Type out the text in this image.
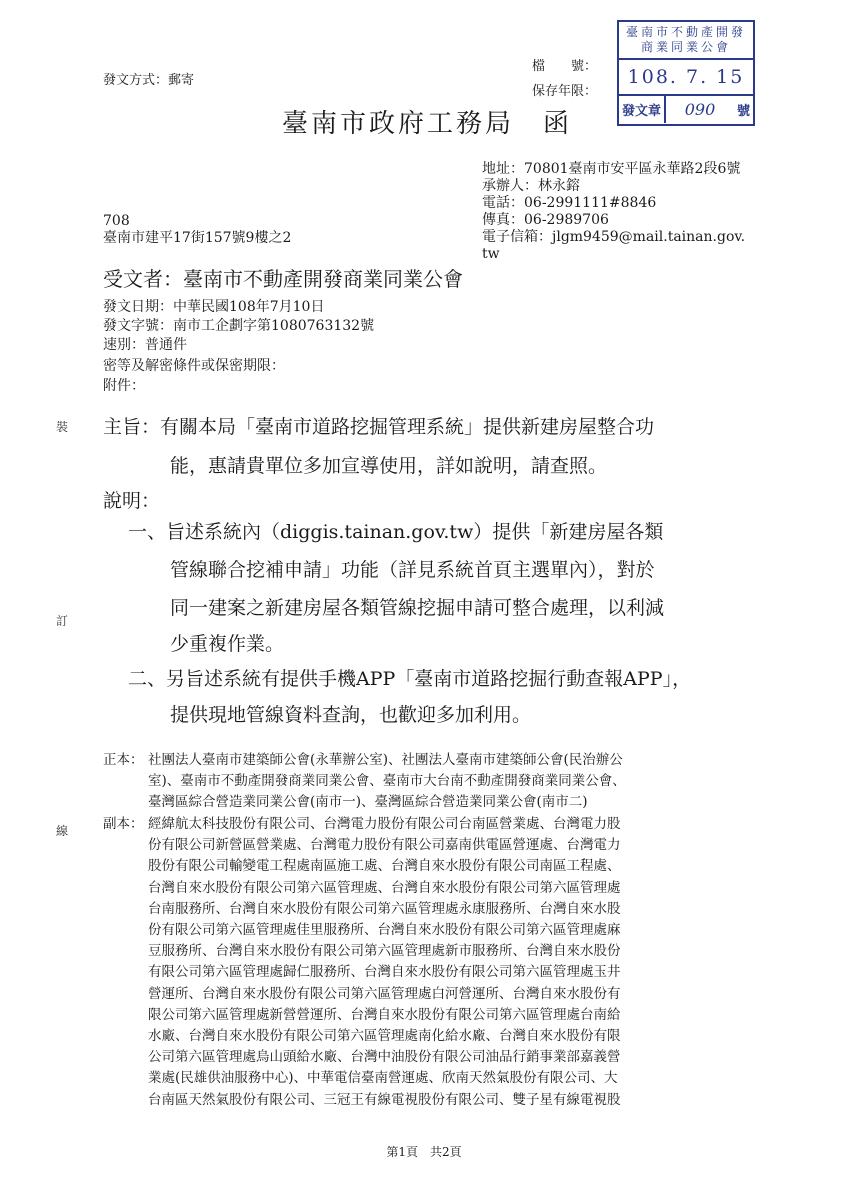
發文方式：郵寄
檔　　號：
保存年限：
臺南市不動產開發商業同業公會
108. 7. 15
發文章	090	號
臺南市政府工務局　函
地址：70801臺南市安平區永華路2段6號
承辦人：林永鎔
電話：06-2991111#8846
傳真：06-2989706
電子信箱：jlgm9459@mail.tainan.gov.
tw
708
臺南市建平17街157號9樓之2
受文者：臺南市不動產開發商業同業公會
發文日期：中華民國108年7月10日
發文字號：南市工企劃字第1080763132號
速別：普通件
密等及解密條件或保密期限：
附件：
主旨：有關本局「臺南市道路挖掘管理系統」提供新建房屋整合功
能，惠請貴單位多加宣導使用，詳如說明，請查照。
說明：
一、旨述系統內（diggis.tainan.gov.tw）提供「新建房屋各類
管線聯合挖補申請」功能（詳見系統首頁主選單內），對於
同一建案之新建房屋各類管線挖掘申請可整合處理，以利減
少重複作業。
二、另旨述系統有提供手機APP「臺南市道路挖掘行動查報APP」，
提供現地管線資料查詢，也歡迎多加利用。
正本： 社團法人臺南市建築師公會(永華辦公室)、社團法人臺南市建築師公會(民治辦公
室)、臺南市不動產開發商業同業公會、臺南市大台南不動產開發商業同業公會、
臺灣區綜合營造業同業公會(南市一)、臺灣區綜合營造業同業公會(南市二)
副本： 經緯航太科技股份有限公司、台灣電力股份有限公司台南區營業處、台灣電力股
份有限公司新營區營業處、台灣電力股份有限公司嘉南供電區營運處、台灣電力
股份有限公司輸變電工程處南區施工處、台灣自來水股份有限公司南區工程處、
台灣自來水股份有限公司第六區管理處、台灣自來水股份有限公司第六區管理處
台南服務所、台灣自來水股份有限公司第六區管理處永康服務所、台灣自來水股
份有限公司第六區管理處佳里服務所、台灣自來水股份有限公司第六區管理處麻
豆服務所、台灣自來水股份有限公司第六區管理處新市服務所、台灣自來水股份
有限公司第六區管理處歸仁服務所、台灣自來水股份有限公司第六區管理處玉井
營運所、台灣自來水股份有限公司第六區管理處白河營運所、台灣自來水股份有
限公司第六區管理處新營營運所、台灣自來水股份有限公司第六區管理處台南給
水廠、台灣自來水股份有限公司第六區管理處南化給水廠、台灣自來水股份有限
公司第六區管理處烏山頭給水廠、台灣中油股份有限公司油品行銷事業部嘉義營
業處(民雄供油服務中心)、中華電信臺南營運處、欣南天然氣股份有限公司、大
台南區天然氣股份有限公司、三冠王有線電視股份有限公司、雙子星有線電視股
裝
訂
線
第1頁　共2頁
